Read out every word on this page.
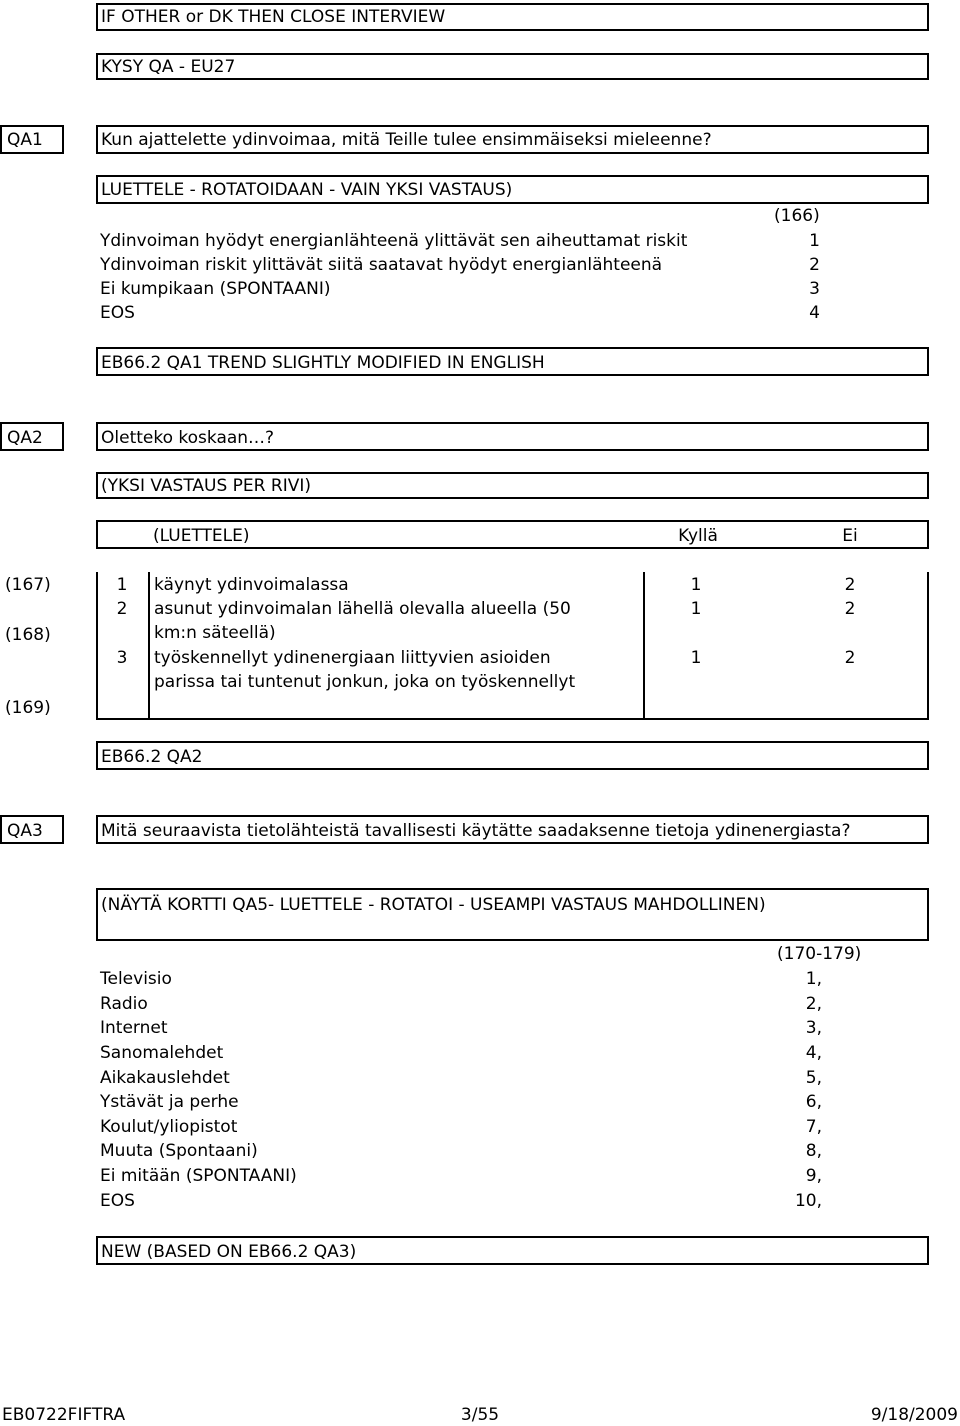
IF OTHER or DK THEN CLOSE INTERVIEW
KYSY QA - EU27
QA1	Kun ajattelette ydinvoimaa, mitä Teille tulee ensimmäiseksi mieleenne?
LUETTELE - ROTATOIDAAN - VAIN YKSI VASTAUS)
(166)
Ydinvoiman hyödyt energianlähteenä ylittävät sen aiheuttamat riskit	1
Ydinvoiman riskit ylittävät siitä saatavat hyödyt energianlähteenä	2
Ei kumpikaan (SPONTAANI)	3
EOS	4
EB66.2 QA1 TREND SLIGHTLY MODIFIED IN ENGLISH
QA2	Oletteko koskaan…?
(YKSI VASTAUS PER RIVI)
(LUETTELE)	Kyllä	Ei
(167)
(168)
(169)
1	käynyt ydinvoimalassa	1	2
2	asunut ydinvoimalan lähellä olevalla alueella (50
km:n säteellä)
1	2
3	työskennellyt ydinenergiaan liittyvien asioiden
parissa tai tuntenut jonkun, joka on työskennellyt
1	2
EB66.2 QA2
QA3	Mitä seuraavista tietolähteistä tavallisesti käytätte saadaksenne tietoja ydinenergiasta?
(NÄYTÄ KORTTI QA5- LUETTELE - ROTATOI - USEAMPI VASTAUS MAHDOLLINEN)
(170-179)
Televisio	1,
Radio	2,
Internet	3,
Sanomalehdet	4,
Aikakauslehdet	5,
Ystävät ja perhe	6,
Koulut/yliopistot	7,
Muuta (Spontaani)	8,
Ei mitään (SPONTAANI)	9,
EOS	10,
NEW (BASED ON EB66.2 QA3)
EB0722FIFTRA	3/55	9/18/2009
